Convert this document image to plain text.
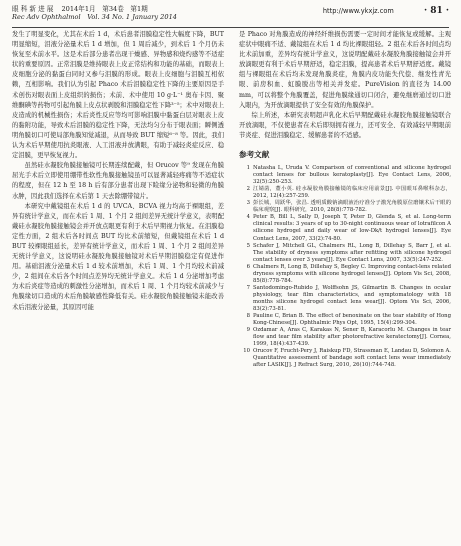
眼 科 新 进 展 2014年1月　第34卷　第1期
Rec Adv Ophthalmol　Vol. 34 No. 1 January 2014
http://www.ykxjz.com	· 81 ·

发生了明显变化，尤其在术后 1 d，术后患者泪膜稳定性大幅度下降，BUT 明显缩短，泪液分泌量术后 1 d 增加，但 1 周后减少，到术后 1 个月仍未恢复至术前水平。这是术后部分患者出现干燥感、异物感和烧灼感等不适症状的重要原因。正常泪膜是维持眼表上皮正常结构和功能的基础，而眼表上皮细胞分泌的黏蛋白同时又参与泪膜的形成。眼表上皮细胞与泪膜互相依赖，互相影响。我们认为引起 Phaco 术后泪膜稳定性下降的主要原因是手术创伤对眼表面上皮组织的损伤；术前、术中使用 10 g·L⁻¹ 奥布卡因、聚维酮碘等药物可引起角膜上皮点状剥脱和泪膜稳定性下降³⁻⁵；术中对眼表上皮造成的机械性损伤；术后炎性反应等均可影响泪膜中黏蛋白层对眼表上皮的黏附功能，导致术后泪膜的稳定性下降，无法均匀分布于眼表面；瞬侧透明角膜切口可使局部角膜知觉减退，从而导致 BUT 缩短⁶⁻⁸ 等。因此，我们认为术后早期使用抗炎眼液、人工泪液并放满眼，有助于减轻炎症反应、稳定泪膜，更早恢复视力。

虽然硅水凝胶角膜接触镜可长期连续配戴，但 Orucov 等⁹ 发现在角膜屈光手术后立即使用绷带性软性角膜接触镜虽可以显著减轻疼痛等不适症状的程度，但在 12 h 至 18 h 后有部分患者出现下睑缘分泌物和轻微的角膜水肿，因此我们选择在术后第 1 天去除绷带镜片。

本研究中戴镜组在术后 1 d 的 UVCA、BCVA 视力均高于裸眼组，差异有统计学意义，而在术后 1 周、1 个月 2 组间差异无统计学意义，表明配戴硅水凝胶角膜接触镜会并开放点眼更有利于术后早期视力恢复。在泪膜稳定性方面，2 组术后各时间点 BUT 均比术前缩短，但戴镜组在术后 1 d BUT 较裸眼组延长，差异有统计学意义，而术后 1 周、1 个月 2 组间差异无统计学意义，这说明硅水凝胶角膜接触镜对术后早期泪膜稳定有促进作用。基础泪液分泌量术后 1 d 较术前增加，术后 1 周、1 个月均较术前减少，2 组间在术后各个时间点差异均无统计学意义。术后 1 d 分泌增加考虑为术后炎症等造成的刺激性分泌增加，而术后 1 周、1 个月均较术前减少与角膜缘切口造成的术后角膜敏感性降低有关。硅水凝胶角膜接触镜未能改善术后泪液分泌量，其原因可能

是 Phaco 对角膜造成的神经纤维损伤需要一定时间才能恢复或缓解。主观症状中眼痛不适、戴镜组在术后 1 d 均比裸眼组轻。2 组在术后各时间点均比术前加重，差异均有统计学意义，这说明配戴硅水凝胶角膜接触镜会并开放滴眼更有利于术后早期舒适，稳定泪膜，提高患者术后早期舒适度。戴镜组与裸眼组在术后均未发现角膜炎症，角膜内皮功能失代偿、继发性青光眼、前房积血、虹膜脱出等相关并发症。PureVision 的直径为 14.00 mm，可以将整个角膜覆盖，促进角膜缘通切口闭合，避免继磨通过切口进入眼内，为开放滴眼提供了安全有效的角膜保护。

综上所述，本研究表明超声乳化术后早期配戴硅水凝胶角膜接触镜联合开放滴眼，不仅使患者在术后即刻拥有视力，还可安全、有效减轻早期眼前节炎症、促进泪膜稳定、缓解患者的不适感。

参考文献
1 Natasha L, Uruda V. Comparison of conventional and silicone hydrogel contact lenses for bullous keratoplasty[J]. Eye Contact Lens, 2006, 32(5):250-253.
2 江婧菡，董小英. 硅水凝胶角膜接触镜的临床应用前景[J]. 中国眼耳鼻喉科杂志，2012, 12(4):257-259.
3 彭长城，周跃华，张昌. 透明质酸钠滴眼液治疗准分子激光角膜原位磨镶术后干眼的临床观察[J]. 眼科研究，2010, 28(8):778-782.
4 Peter B, Bill L, Sally D, Joseph T, Peter D, Glenda S, et al. Long-term clinical results: 3 years of up to 30-night continuous wear of lotrafilcon A silicone hydrogel and daily wear of low-Dk/t hydrogel lenses[J]. Eye Contact Lens, 2007, 33(2):74-80.
5 Schafer J, Mitchell GL, Chalmers RL, Long B, Dillehay S, Barr J, et al. The stability of dryness symptoms after refitting with silicone hydrogel contact lenses over 3 years[J]. Eye Contact Lens, 2007, 33(5):247-252.
6 Chalmers R, Long B, Dillehay S, Begley C. Improving contact-lens related dryness symptoms with silicone hydrogel lenses[J]. Optom Vis Sci, 2008, 85(8):778-784.
7 Santodomingo-Rubido J, Wolffsohn JS, Gilmartin B. Changes in ocular physiology, tear film characteristics, and symptomatology with 18 months silicone hydrogel contact lens wear[J]. Optom Vis Sci, 2006, 83(2):73-81.
8 Pauline C, Brian B. The effect of benoxinate on the tear stability of Hong Kong-Chinese[J]. Ophthalmic Phys Opt, 1995, 15(4):299-304.
9 Ozdamar A, Aras C, Karakas N, Sener B, Karacorlu M. Changes in tear flow and tear film stability after photorefractive keratectomy[J]. Cornea, 1999, 18(4):437-439.
10 Orucov F, Frucht-Pery J, Raiskup FD, Strassman E, Landau D, Solomon A. Quantitative assessment of bandage soft contact lens wear immediately after LASIK[J]. J Refract Surg, 2010, 26(10):744-748.
